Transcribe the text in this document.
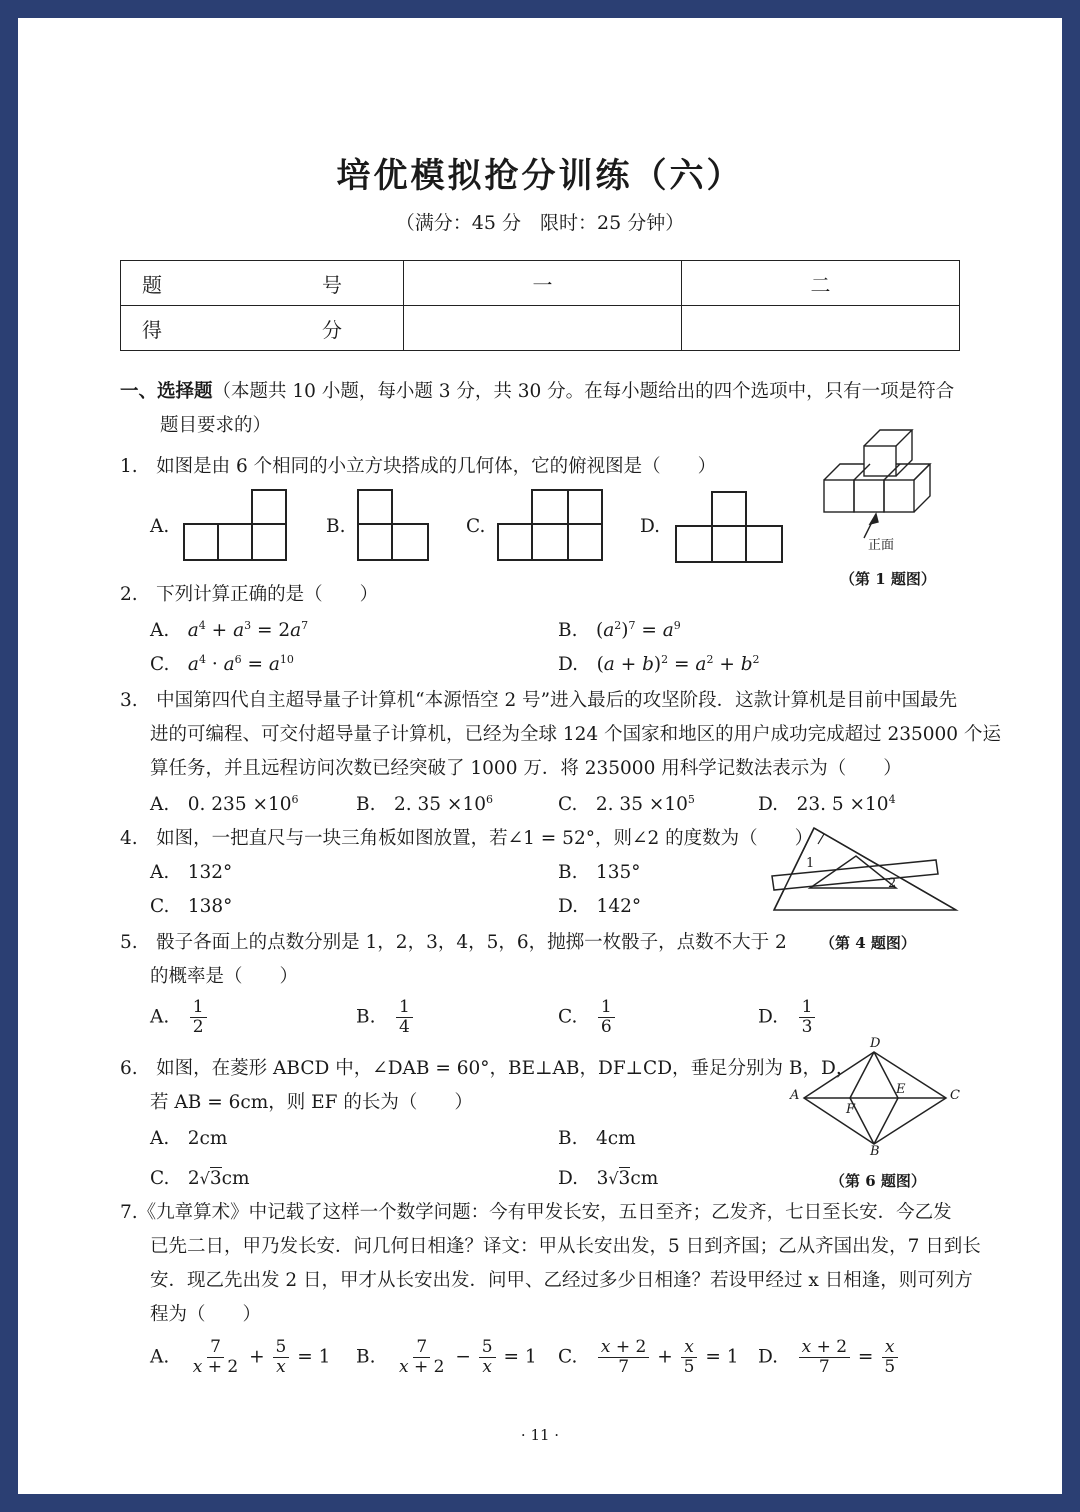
培优模拟抢分训练（六）
（满分：45 分　限时：25 分钟）
题　　号	一	二
得　　分		
一、选择题（本题共 10 小题，每小题 3 分，共 30 分。在每小题给出的四个选项中，只有一项是符合
题目要求的）
1.　如图是由 6 个相同的小立方块搭成的几何体，它的俯视图是（　　）
A.	B.	C.	D.
正面
（第 1 题图）
2.　下列计算正确的是（　　）
A.　 $a^4 + a^3 = 2a^7$	B.　$(a^2)^7 = a^9$
C.　 $a^4 \cdot a^6 = a^{10}$	D.　$(a + b)^2 = a^2 + b^2$
3.　中国第四代自主超导量子计算机“本源悟空 2 号”进入最后的攻坚阶段．这款计算机是目前中国最先
进的可编程、可交付超导量子计算机，已经为全球 124 个国家和地区的用户成功完成超过 235000 个运
算任务，并且远程访问次数已经突破了 1000 万．将 235000 用科学记数法表示为（　　）
A.　0. $235 \times 10^6$	B.　2. $35 \times 10^6$	C.　2. $35 \times 10^5$	D.　23. $5 \times 10^4$
4.　如图，一把直尺与一块三角板如图放置，若∠1 = 52°，则∠2 的度数为（　　）
A.　132°	B.　135°
C.　138°	D.　142°
1
2
（第 4 题图）
5.　骰子各面上的点数分别是 1，2，3，4，5，6，抛掷一枚骰子，点数不大于 2
的概率是（　　）
A.　 $\frac{1}{2}$	B.　 $\frac{1}{4}$	C.　 $\frac{1}{6}$	D.　 $\frac{1}{3}$
6.　如图，在菱形 ABCD 中，∠DAB = 60°，BE⊥AB，DF⊥CD，垂足分别为 B，D，
若 AB = 6cm，则 EF 的长为（　　）
A.　2cm	B.　4cm
C.　2√3cm	D.　3√3cm
A
D
C
B
E
F
（第 6 题图）
7.《九章算术》中记载了这样一个数学问题：今有甲发长安，五日至齐；乙发齐，七日至长安．今乙发
已先二日，甲乃发长安．问几何日相逢？译文：甲从长安出发，5 日到齐国；乙从齐国出发，7 日到长
安．现乙先出发 2 日，甲才从长安出发．问甲、乙经过多少日相逢？若设甲经过 x 日相逢，则可列方
程为（　　）
A.　 $\frac{7}{x + 2} + \frac{5}{x} = 1$ B.　 $\frac{7}{x + 2} - \frac{5}{x} = 1$ C.　 $\frac{x + 2}{7} + \frac{x}{5} = 1$ D.　 $\frac{x + 2}{7} = \frac{x}{5}$
· 11 ·
